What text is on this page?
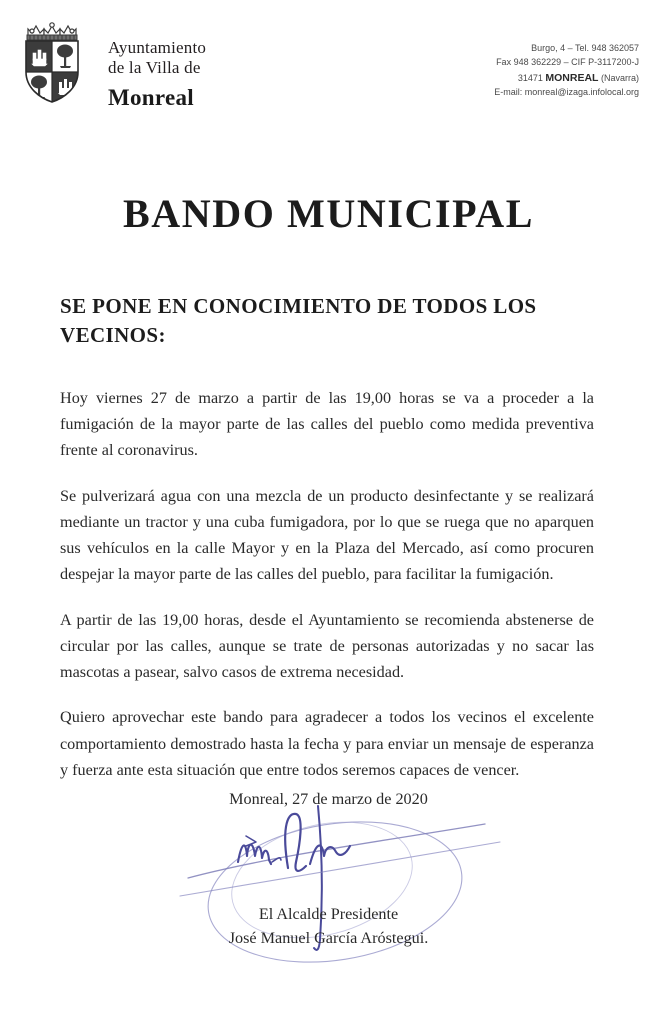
Ayuntamiento
de la Villa de
Monreal
Burgo, 4 – Tel. 948 362057
Fax 948 362229 – CIF P-3117200-J
31471 MONREAL (Navarra)
E-mail: monreal@izaga.infolocal.org
BANDO MUNICIPAL
SE PONE EN CONOCIMIENTO DE TODOS LOS VECINOS:

Hoy viernes 27 de marzo a partir de las 19,00 horas se va a proceder a la fumigación de la mayor parte de las calles del pueblo como medida preventiva frente al coronavirus.

Se pulverizará agua con una mezcla de un producto desinfectante y se realizará mediante un tractor y una cuba fumigadora, por lo que se ruega que no aparquen sus vehículos en la calle Mayor y en la Plaza del Mercado, así como procuren despejar la mayor parte de las calles del pueblo, para facilitar la fumigación.

A partir de las 19,00 horas, desde el Ayuntamiento se recomienda abstenerse de circular por las calles, aunque se trate de personas autorizadas y no sacar las mascotas a pasear, salvo casos de extrema necesidad.

Quiero aprovechar este bando para agradecer a todos los vecinos el excelente comportamiento demostrado hasta la fecha y para enviar un mensaje de esperanza y fuerza ante esta situación que entre todos seremos capaces de vencer.

Monreal, 27 de marzo de 2020
El Alcalde Presidente
José Manuel García Aróstegui.
